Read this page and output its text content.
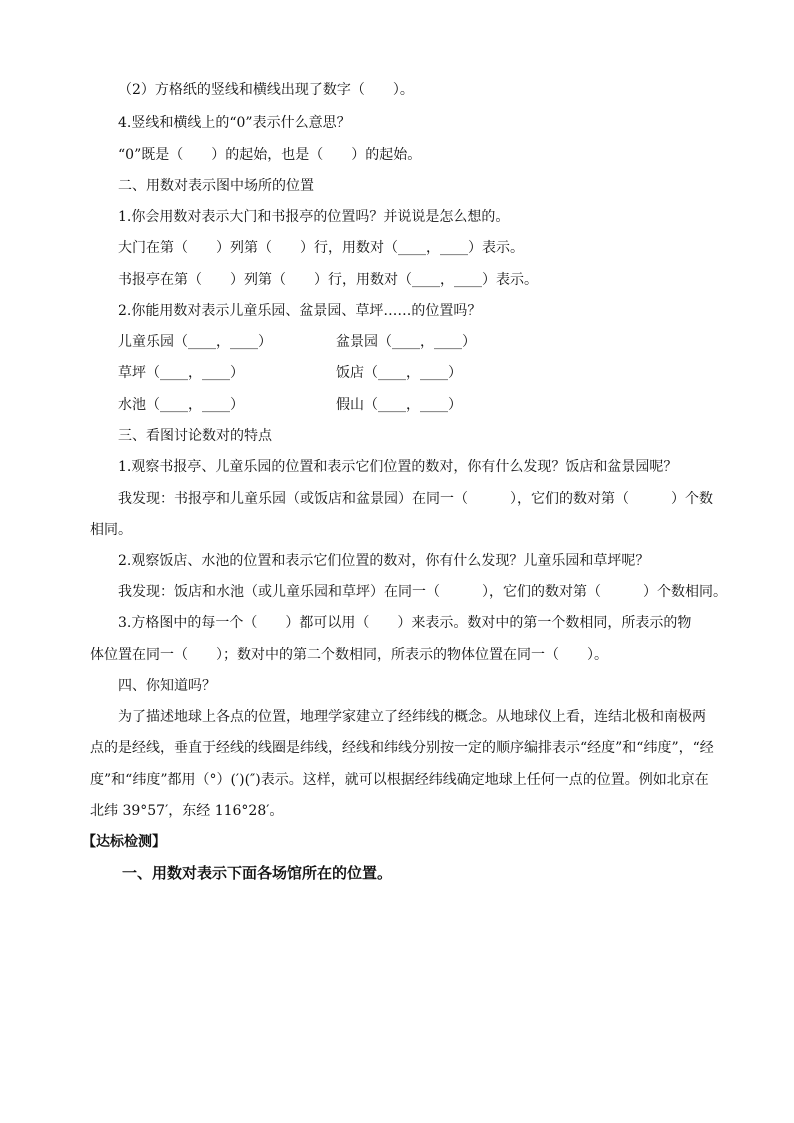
（2）方格纸的竖线和横线出现了数字（　　）。
4.竖线和横线上的“0”表示什么意思？
“0”既是（　　）的起始，也是（　　）的起始。
二、用数对表示图中场所的位置
1.你会用数对表示大门和书报亭的位置吗？并说说是怎么想的。
大门在第（　　）列第（　　）行，用数对（____，____）表示。
书报亭在第（　　）列第（　　）行，用数对（____，____）表示。
2.你能用数对表示儿童乐园、盆景园、草坪……的位置吗？
儿童乐园（____，____）	盆景园（____，____）
草坪（____，____）	饭店（____，____）
水池（____，____）	假山（____，____）
三、看图讨论数对的特点
1.观察书报亭、儿童乐园的位置和表示它们位置的数对，你有什么发现？饭店和盆景园呢？
我发现：书报亭和儿童乐园（或饭店和盆景园）在同一（　　　），它们的数对第（　　　）个数
相同。
2.观察饭店、水池的位置和表示它们位置的数对，你有什么发现？儿童乐园和草坪呢？
我发现：饭店和水池（或儿童乐园和草坪）在同一（　　　），它们的数对第（　　　）个数相同。
3.方格图中的每一个（　　）都可以用（　　）来表示。数对中的第一个数相同，所表示的物
体位置在同一（　　）；数对中的第二个数相同，所表示的物体位置在同一（　　）。
四、你知道吗？
为了描述地球上各点的位置，地理学家建立了经纬线的概念。从地球仪上看，连结北极和南极两
点的是经线，垂直于经线的线圈是纬线，经线和纬线分别按一定的顺序编排表示“经度”和“纬度”，“经
度”和“纬度”都用（°）(′)(″)表示。这样，就可以根据经纬线确定地球上任何一点的位置。例如北京在
北纬 39°57′，东经 116°28′。
【达标检测】
一、用数对表示下面各场馆所在的位置。
